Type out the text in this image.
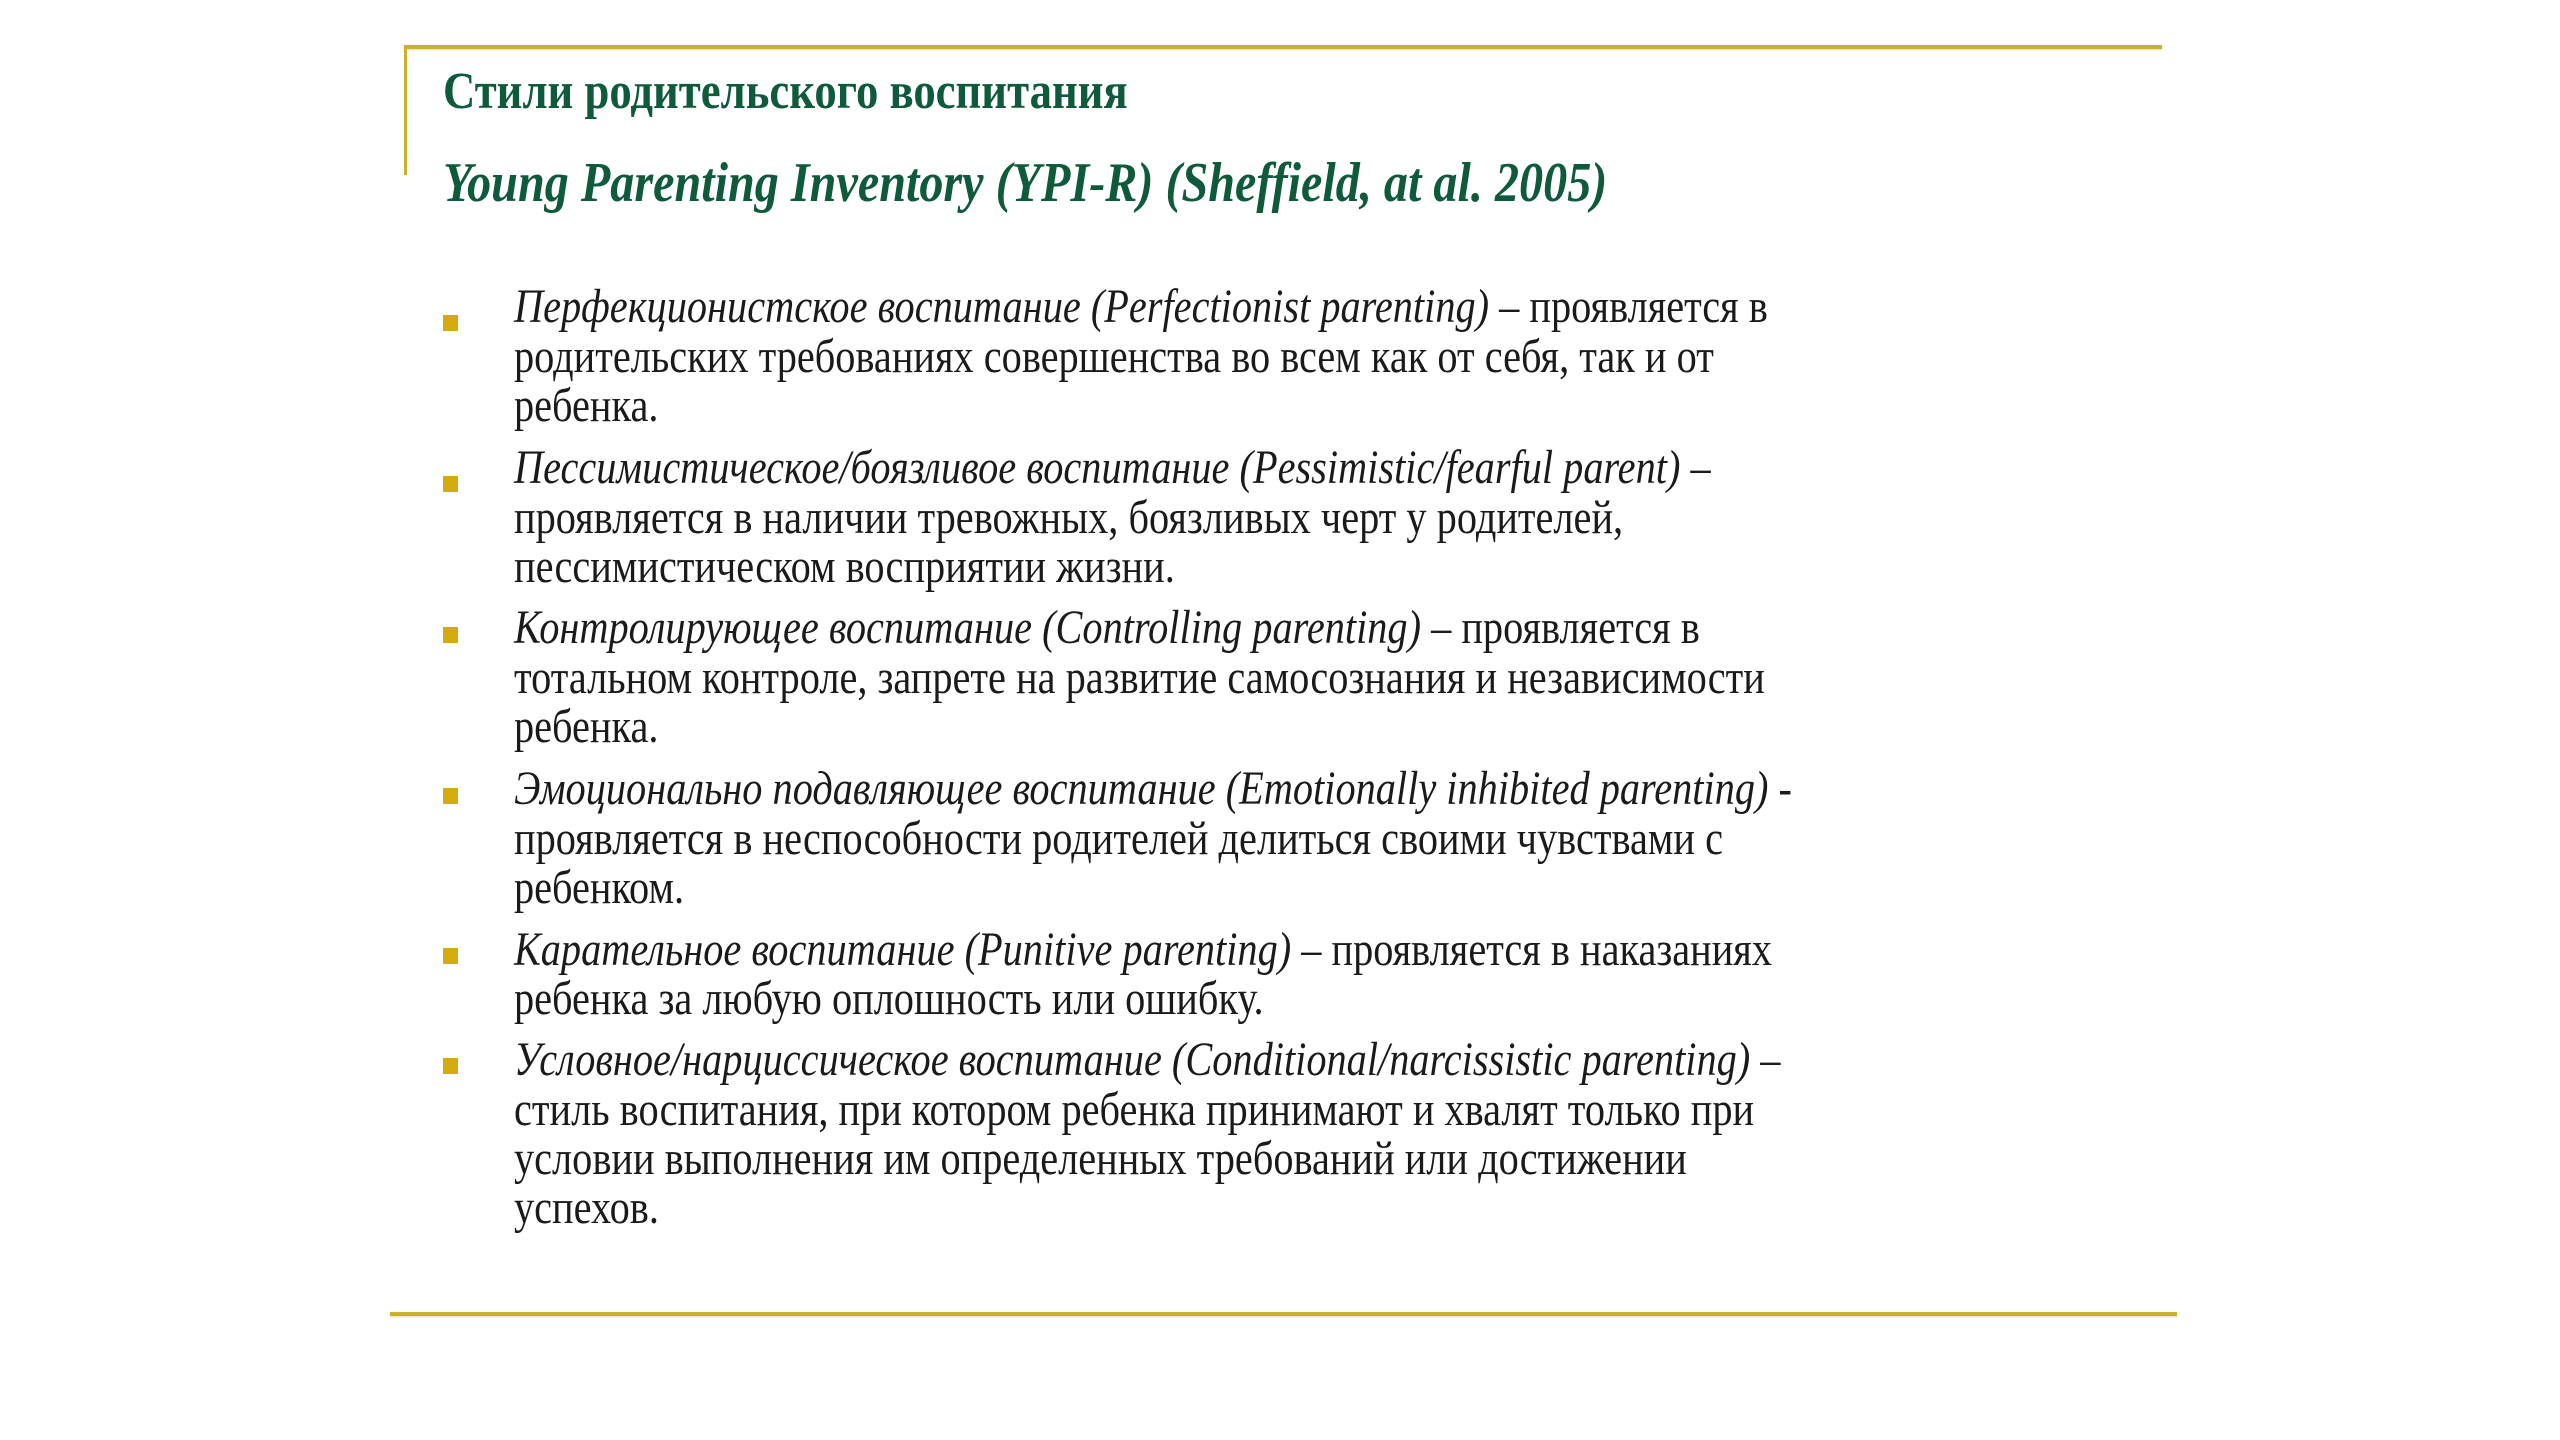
Стили родительского воспитания
Young Parenting Inventory (YPI-R) (Sheffield, at al. 2005)
Перфекционистское воспитание (Perfectionist parenting) – проявляется в
родительских требованиях совершенства во всем как от себя, так и от
ребенка.
Пессимистическое/боязливое воспитание (Pessimistic/fearful parent) –
проявляется в наличии тревожных, боязливых черт у родителей,
пессимистическом восприятии жизни.
Контролирующее воспитание (Controlling parenting) – проявляется в
тотальном контроле, запрете на развитие самосознания и независимости
ребенка.
Эмоционально подавляющее воспитание (Emotionally inhibited parenting) -
проявляется в неспособности родителей делиться своими чувствами с
ребенком.
Карательное воспитание (Punitive parenting) – проявляется в наказаниях
ребенка за любую оплошность или ошибку.
Условное/нарциссическое воспитание (Conditional/narcissistic parenting) –
стиль воспитания, при котором ребенка принимают и хвалят только при
условии выполнения им определенных требований или достижении
успехов.
